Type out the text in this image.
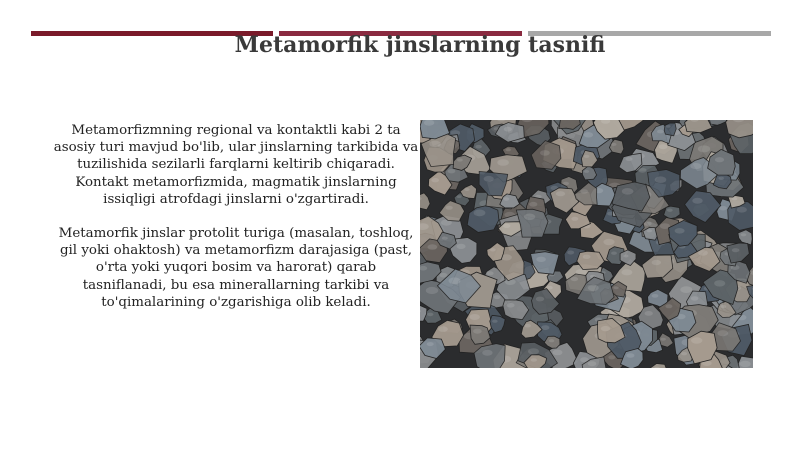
Metamorfik jinslarning tasnifi

Metamorfizmning regional va kontaktli kabi 2 ta asosiy turi mavjud bo'lib, ular jinslarning tarkibida va tuzilishida sezilarli farqlarni keltirib chiqaradi. Kontakt metamorfizmida, magmatik jinslarning issiqligi atrofdagi jinslarni o'zgartiradi.

Metamorfik jinslar protolit turiga (masalan, toshloq, gil yoki ohaktosh) va metamorfizm darajasiga (past, o'rta yoki yuqori bosim va harorat) qarab tasniflanadi, bu esa minerallarning tarkibi va to'qimalarining o'zgarishiga olib keladi.
